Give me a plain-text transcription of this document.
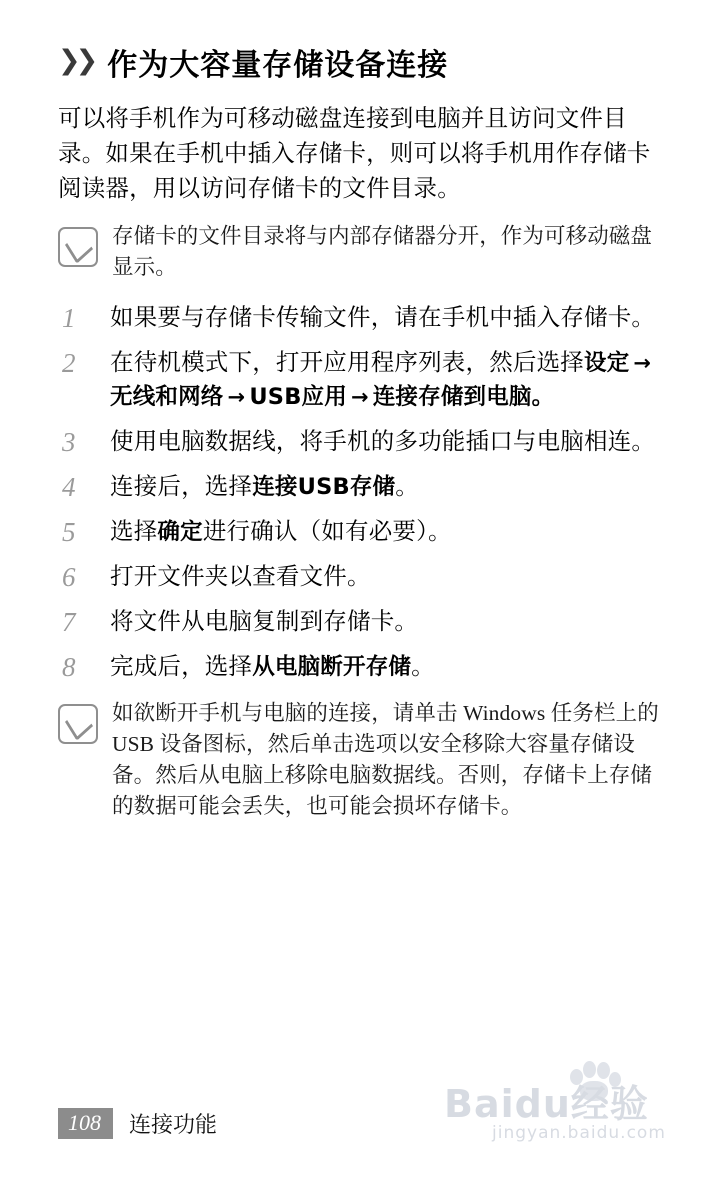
❯❯ 作为大容量存储设备连接

可以将手机作为可移动磁盘连接到电脑并且访问文件目录。如果在手机中插入存储卡，则可以将手机用作存储卡阅读器，用以访问存储卡的文件目录。

存储卡的文件目录将与内部存储器分开，作为可移动磁盘显示。
1	如果要与存储卡传输文件，请在手机中插入存储卡。
2	在待机模式下，打开应用程序列表，然后选择设定 →无线和网络 → USB应用 → 连接存储到电脑。
3	使用电脑数据线，将手机的多功能插口与电脑相连。
4	连接后，选择连接USB存储。
5	选择确定进行确认（如有必要）。
6	打开文件夹以查看文件。
7	将文件从电脑复制到存储卡。
8	完成后，选择从电脑断开存储。
如欲断开手机与电脑的连接，请单击 Windows 任务栏上的 USB 设备图标，然后单击选项以安全移除大容量存储设备。然后从电脑上移除电脑数据线。否则，存储卡上存储的数据可能会丢失，也可能会损坏存储卡。
108	连接功能	Baidu经验
jingyan.baidu.com
